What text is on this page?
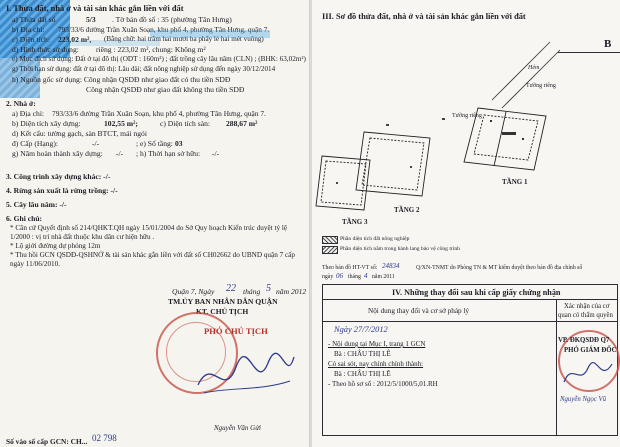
I. Thửa đất, nhà ở và tài sản khác gắn liền với đất
a) Thửa đất số	5/3 . Tờ bản đồ số : 35 (phường Tân Hưng)
b) Địa chỉ: 793/33/6 đường Trần Xuân Soạn, khu phố 4, phường Tân Hưng, quận 7.
c) Diện tích: 223,02 m², (Bằng chữ: hai trăm hai mươi ba phẩy lẻ hai mét vuông)
d) Hình thức sử dụng: riêng : 223,02 m², chung: Không m²
e) Mục đích sử dụng: Đất ở tại đô thị (ODT : 160m²) ; đất trồng cây lâu năm (CLN) ; (BHK: 63,02m²)
g) Thời hạn sử dụng: đất ở tại đô thị: Lâu dài; đất nông nghiệp sử dụng đến ngày 30/12/2014
h) Nguồn gốc sử dụng: Công nhận QSDĐ như giao đất có thu tiền SDĐ
Công nhận QSDĐ như giao đất không thu tiền SDĐ
2. Nhà ở:
a) Địa chỉ: 793/33/6 đường Trần Xuân Soạn, khu phố 4, phường Tân Hưng, quận 7.
b) Diện tích xây dựng:	102,55 m²;	c) Diện tích sàn: 288,67 m²
d) Kết cấu: tường gạch, sàn BTCT, mái ngói
đ) Cấp (Hạng):	-/-	; e) Số tầng: 03
g) Năm hoàn thành xây dựng: -/- ; h) Thời hạn sở hữu: -/-
3. Công trình xây dựng khác: -/-
4. Rừng sản xuất là rừng trồng: -/-
5. Cây lâu năm: -/-
6. Ghi chú:
* Căn cứ Quyết định số 214/QHKT.QH ngày 15/01/2004 do Sở Quy hoạch Kiến trúc duyệt tỷ lệ
1/2000 : vị trí nhà đất thuộc khu dân cư hiện hữu .
* Lộ giới đường dự phóng 12m
* Thu hồi GCN QSDĐ-QSHNỞ & tài sản khác gắn liền với đất số CH02662 do UBND quận 7 cấp
ngày 11/06/2010.
Quận 7, Ngày 22 tháng 5 năm 2012
TM.ỦY BAN NHÂN DÂN QUẬN
KT. CHỦ TỊCH
PHÓ CHỦ TỊCH
Nguyễn Văn Gửi
Số vào sổ cấp GCN: CH... 02 798
III. Sơ đồ thửa đất, nhà ở và tài sản khác gắn liền với đất
B
Hẻm
Tường riêng
Tường riêng
TẦNG 1
TẦNG 2
TẦNG 3
Phần diện tích đất nông nghiệp
Phần diện tích nằm trong hành lang bảo vệ công trình
Theo bản đồ HT-VT số: 24834
ngày 06 tháng 4 năm 2011
Q/XN-TNMT do Phòng TN & MT kiểm duyệt theo bản đồ địa chính số
IV. Những thay đổi sau khi cấp giấy chứng nhận
Nội dung thay đổi và cơ sở pháp lý
Xác nhận của cơ
quan có thẩm quyền
Ngày 27/7/2012
- Nội dung tại Mục I, trang 1 GCN
Bà : CHÂU THỊ LÊ
Có sai sót, nay chỉnh chính thành:
Bà : CHÂU THỊ LẼ
- Theo hồ sơ số : 2012/5/1000/5,01.RH
VP. ĐKQSDĐ Q7
PHÓ GIÁM ĐỐC
Nguyễn Ngọc Vũ
